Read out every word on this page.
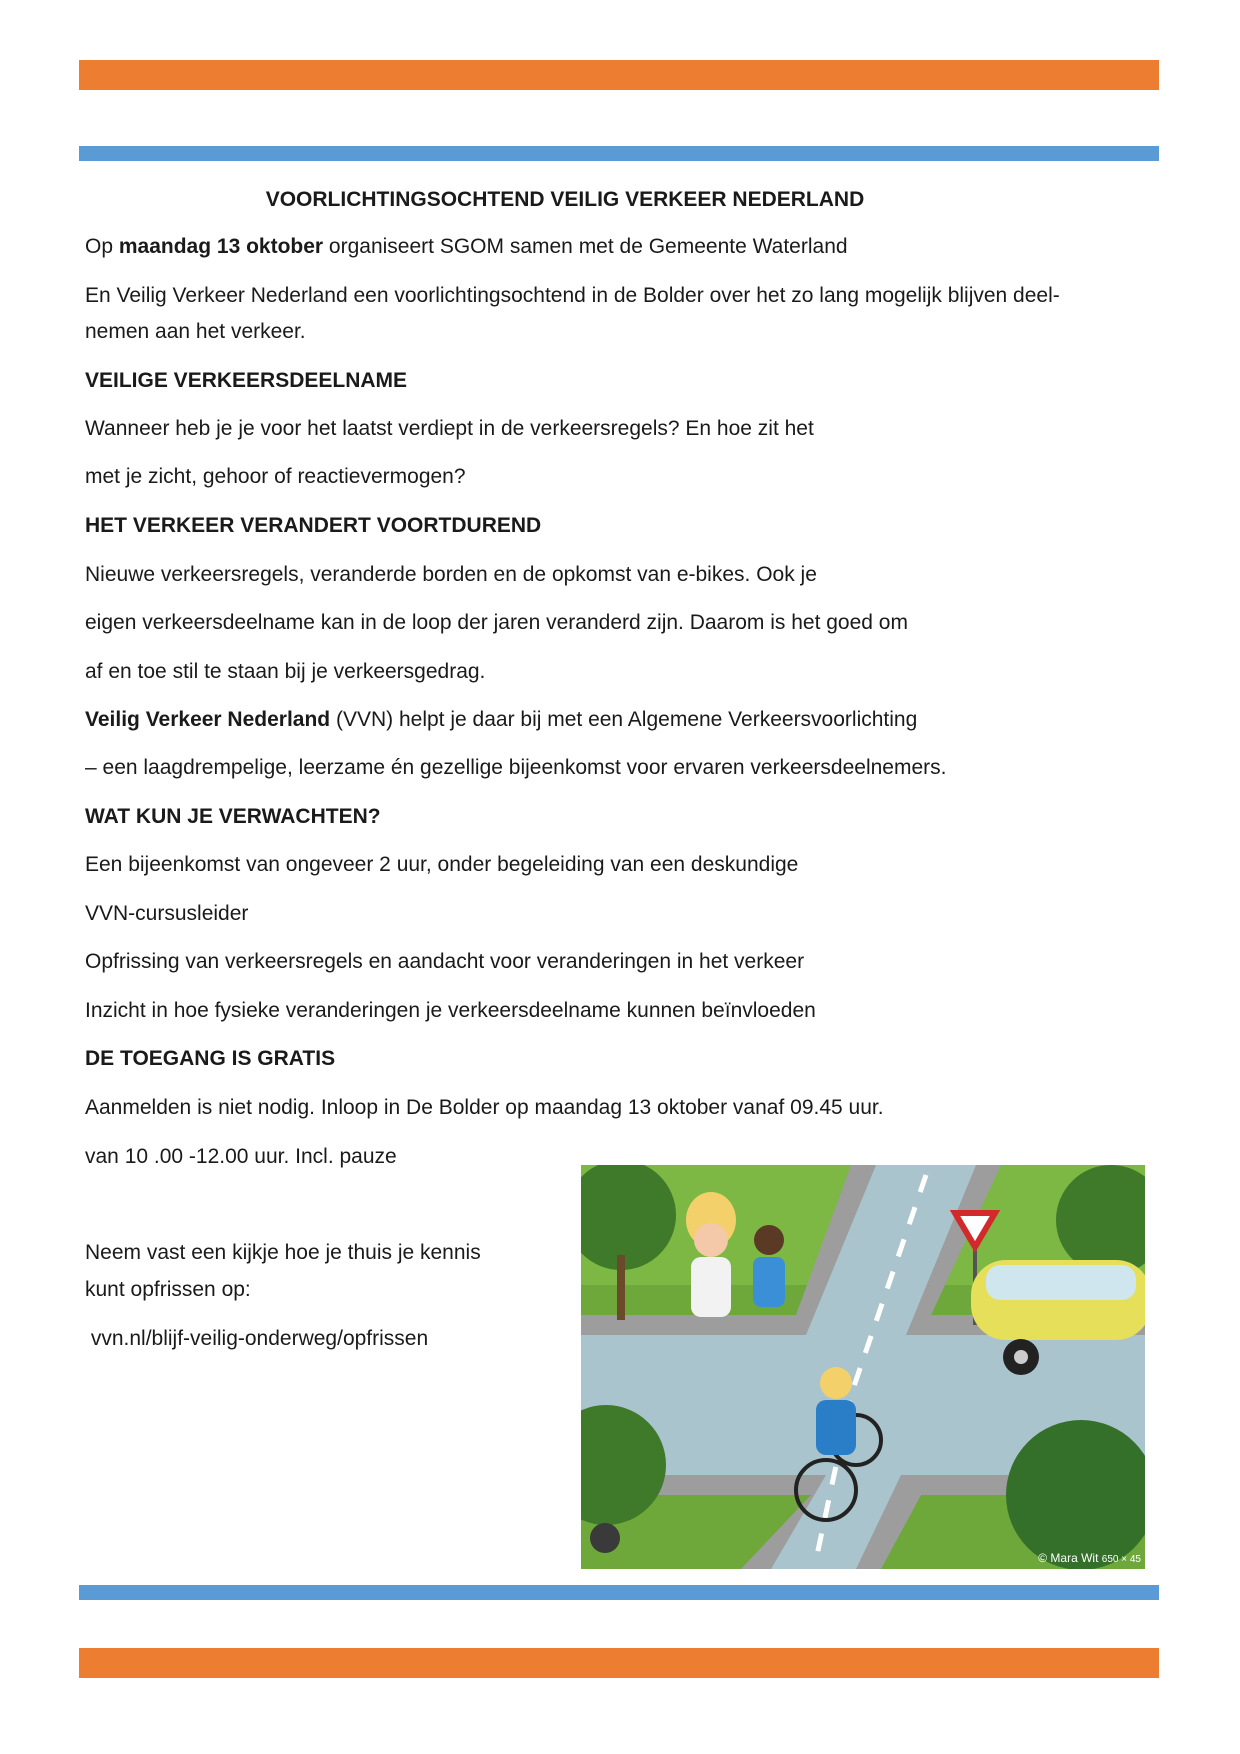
VOORLICHTINGSOCHTEND VEILIG VERKEER NEDERLAND

Op maandag 13 oktober organiseert SGOM samen met de Gemeente Waterland

En Veilig Verkeer Nederland een voorlichtingsochtend in de Bolder over het zo lang mogelijk blijven deel-

nemen aan het verkeer.

VEILIGE VERKEERSDEELNAME

Wanneer heb je je voor het laatst verdiept in de verkeersregels? En hoe zit het

met je zicht, gehoor of reactievermogen?

HET VERKEER VERANDERT VOORTDUREND

Nieuwe verkeersregels, veranderde borden en de opkomst van e-bikes. Ook je

eigen verkeersdeelname kan in de loop der jaren veranderd zijn. Daarom is het goed om

af en toe stil te staan bij je verkeersgedrag.

Veilig Verkeer Nederland (VVN) helpt je daar bij met een Algemene Verkeersvoorlichting

– een laagdrempelige, leerzame én gezellige bijeenkomst voor ervaren verkeersdeelnemers.

WAT KUN JE VERWACHTEN?

Een bijeenkomst van ongeveer 2 uur, onder begeleiding van een deskundige

VVN-cursusleider

Opfrissing van verkeersregels en aandacht voor veranderingen in het verkeer

Inzicht in hoe fysieke veranderingen je verkeersdeelname kunnen beïnvloeden

DE TOEGANG IS GRATIS

Aanmelden is niet nodig. Inloop in De Bolder op maandag 13 oktober vanaf 09.45 uur.

van 10 .00 -12.00 uur. Incl. pauze

Neem vast een kijkje hoe je thuis je kennis

kunt opfrissen op:

vvn.nl/blijf-veilig-onderweg/opfrissen

© Mara Wit 650 × 45
